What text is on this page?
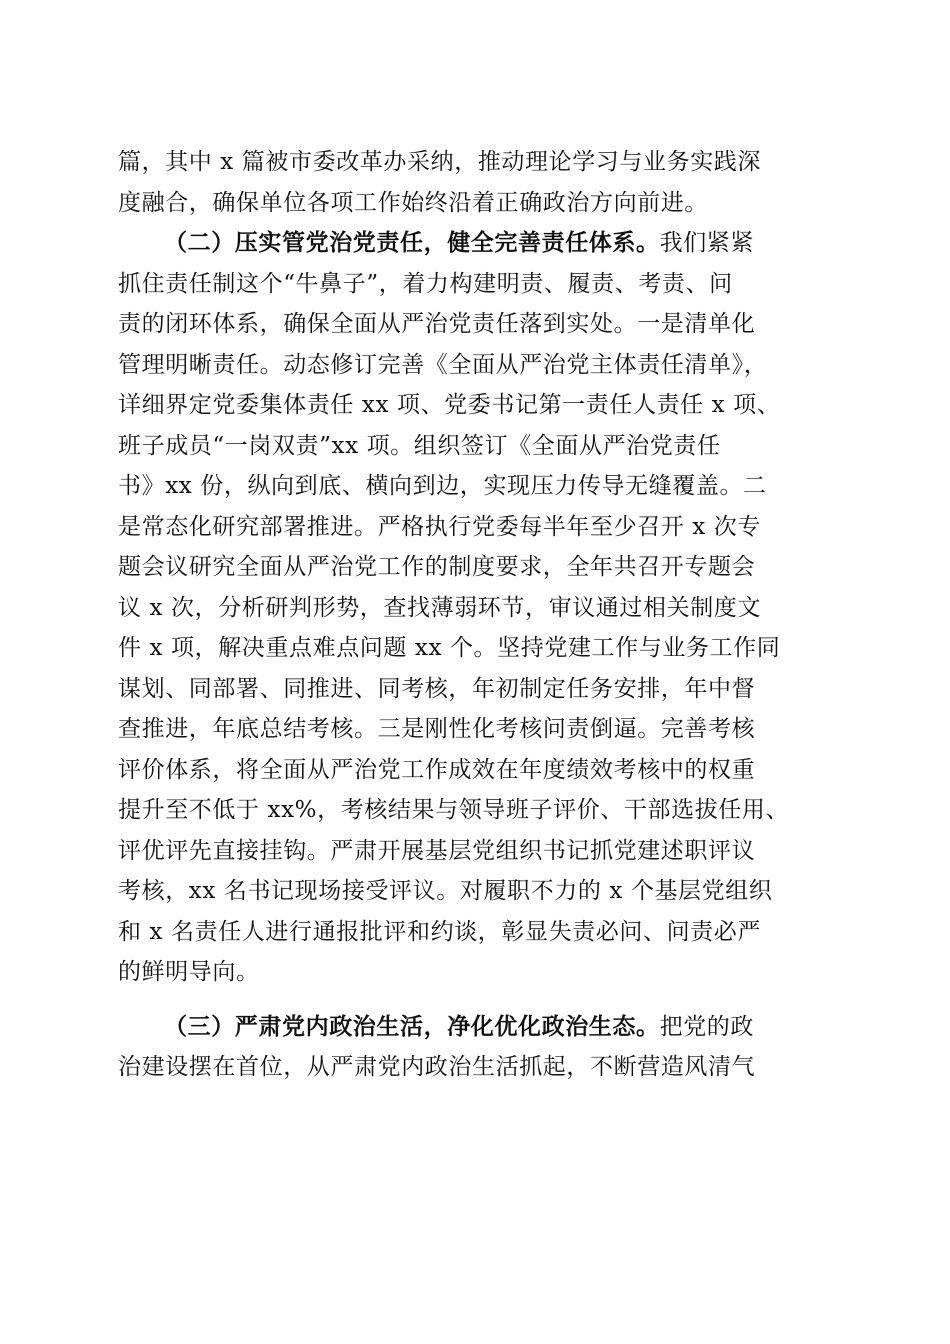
篇，其中 x 篇被市委改革办采纳，推动理论学习与业务实践深
度融合，确保单位各项工作始终沿着正确政治方向前进。
（二）压实管党治党责任，健全完善责任体系。我们紧紧
抓住责任制这个“牛鼻子”，着力构建明责、履责、考责、问
责的闭环体系，确保全面从严治党责任落到实处。一是清单化
管理明晰责任。动态修订完善《全面从严治党主体责任清单》，
详细界定党委集体责任 xx 项、党委书记第一责任人责任 x 项、
班子成员“一岗双责”xx 项。组织签订《全面从严治党责任
书》xx 份，纵向到底、横向到边，实现压力传导无缝覆盖。二
是常态化研究部署推进。严格执行党委每半年至少召开 x 次专
题会议研究全面从严治党工作的制度要求，全年共召开专题会
议 x 次，分析研判形势，查找薄弱环节，审议通过相关制度文
件 x 项，解决重点难点问题 xx 个。坚持党建工作与业务工作同
谋划、同部署、同推进、同考核，年初制定任务安排，年中督
查推进，年底总结考核。三是刚性化考核问责倒逼。完善考核
评价体系，将全面从严治党工作成效在年度绩效考核中的权重
提升至不低于 xx%，考核结果与领导班子评价、干部选拔任用、
评优评先直接挂钩。严肃开展基层党组织书记抓党建述职评议
考核，xx 名书记现场接受评议。对履职不力的 x 个基层党组织
和 x 名责任人进行通报批评和约谈，彰显失责必问、问责必严
的鲜明导向。
（三）严肃党内政治生活，净化优化政治生态。把党的政
治建设摆在首位，从严肃党内政治生活抓起，不断营造风清气
